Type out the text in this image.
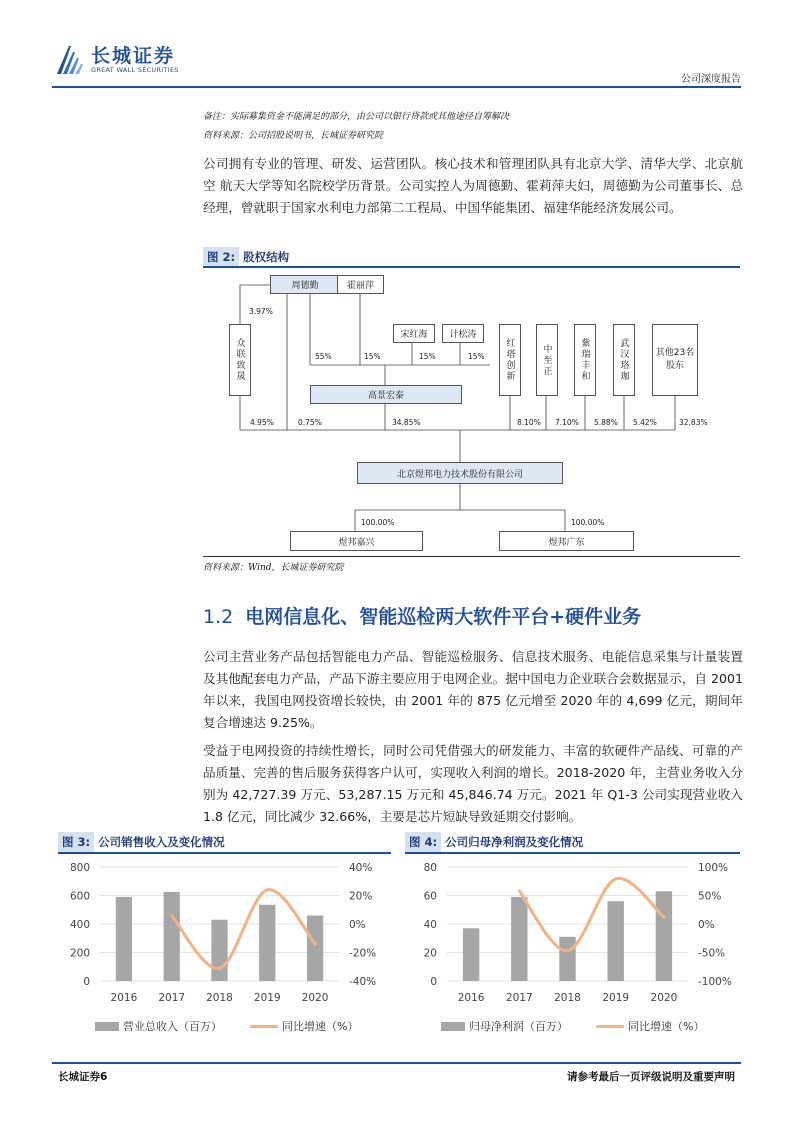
长城证券
GREAT WALL SECURITIES
公司深度报告
备注：实际募集资金不能满足的部分，由公司以银行贷款或其他途径自筹解决
资料来源：公司招股说明书，长城证券研究院
公司拥有专业的管理、研发、运营团队。核心技术和管理团队具有北京大学、清华大学、北京航空 航天大学等知名院校学历背景。公司实控人为周德勤、霍莉萍夫妇，周德勤为公司董事长、总经理，曾就职于国家水利电力部第二工程局、中国华能集团、福建华能经济发展公司。
图 2: 股权结构
周德勤	霍丽萍
宋红海	计松涛
众联致晟
高景宏泰
红塔创新	中至正	紫瑞丰和	武汉珞珈	其他23名股东
北京煜邦电力技术股份有限公司
煜邦嘉兴	煜邦广东
3.97%
55%	15%	15%	15%
4.95%	0.75%	34.85%	8.10% 7.10% 5.88% 5.42%	32.83%
100.00%	100.00%
资料来源：Wind，长城证券研究院
1.2 电网信息化、智能巡检两大软件平台+硬件业务
公司主营业务产品包括智能电力产品、智能巡检服务、信息技术服务、电能信息采集与计量装置及其他配套电力产品，产品下游主要应用于电网企业。据中国电力企业联合会数据显示，自 2001 年以来，我国电网投资增长较快，由 2001 年的 875 亿元增至 2020 年的 4,699 亿元，期间年复合增速达 9.25%。
受益于电网投资的持续性增长，同时公司凭借强大的研发能力、丰富的软硬件产品线、可靠的产品质量、完善的售后服务获得客户认可，实现收入利润的增长。2018-2020 年，主营业务收入分别为 42,727.39 万元、53,287.15 万元和 45,846.74 万元。2021 年 Q1-3 公司实现营业收入 1.8 亿元，同比减少 32.66%，主要是芯片短缺导致延期交付影响。
图 3: 公司销售收入及变化情况
0
200
400
600
800
-40%
-20%
0%
20%
40%
2016 2017 2018 2019 2020
营业总收入（百万）	同比增速（%）
图 4: 公司归母净利润及变化情况
0
20
40
60
80
-100%
-50%
0%
50%
100%
2016 2017 2018 2019 2020
归母净利润（百万）	同比增速（%）
长城证券6	请参考最后一页评级说明及重要声明
